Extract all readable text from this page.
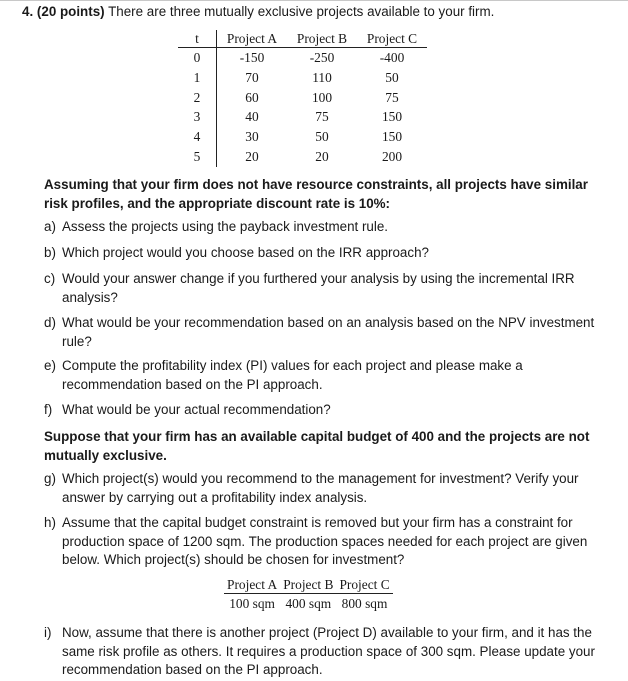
4. (20 points) There are three mutually exclusive projects available to your firm.
t	Project A	Project B	Project C
0	-150	-250	-400
1	70	110	50
2	60	100	75
3	40	75	150
4	30	50	150
5	20	20	200
Assuming that your firm does not have resource constraints, all projects have similar risk profiles, and the appropriate discount rate is 10%:
a) Assess the projects using the payback investment rule.
b) Which project would you choose based on the IRR approach?
c) Would your answer change if you furthered your analysis by using the incremental IRR analysis?
d) What would be your recommendation based on an analysis based on the NPV investment rule?
e) Compute the profitability index (PI) values for each project and please make a recommendation based on the PI approach.
f) What would be your actual recommendation?
Suppose that your firm has an available capital budget of 400 and the projects are not mutually exclusive.
g) Which project(s) would you recommend to the management for investment? Verify your answer by carrying out a profitability index analysis.
h) Assume that the capital budget constraint is removed but your firm has a constraint for production space of 1200 sqm. The production spaces needed for each project are given below. Which project(s) should be chosen for investment?
Project A	Project B	Project C
100 sqm	400 sqm	800 sqm
i) Now, assume that there is another project (Project D) available to your firm, and it has the same risk profile as others. It requires a production space of 300 sqm. Please update your recommendation based on the PI approach.
